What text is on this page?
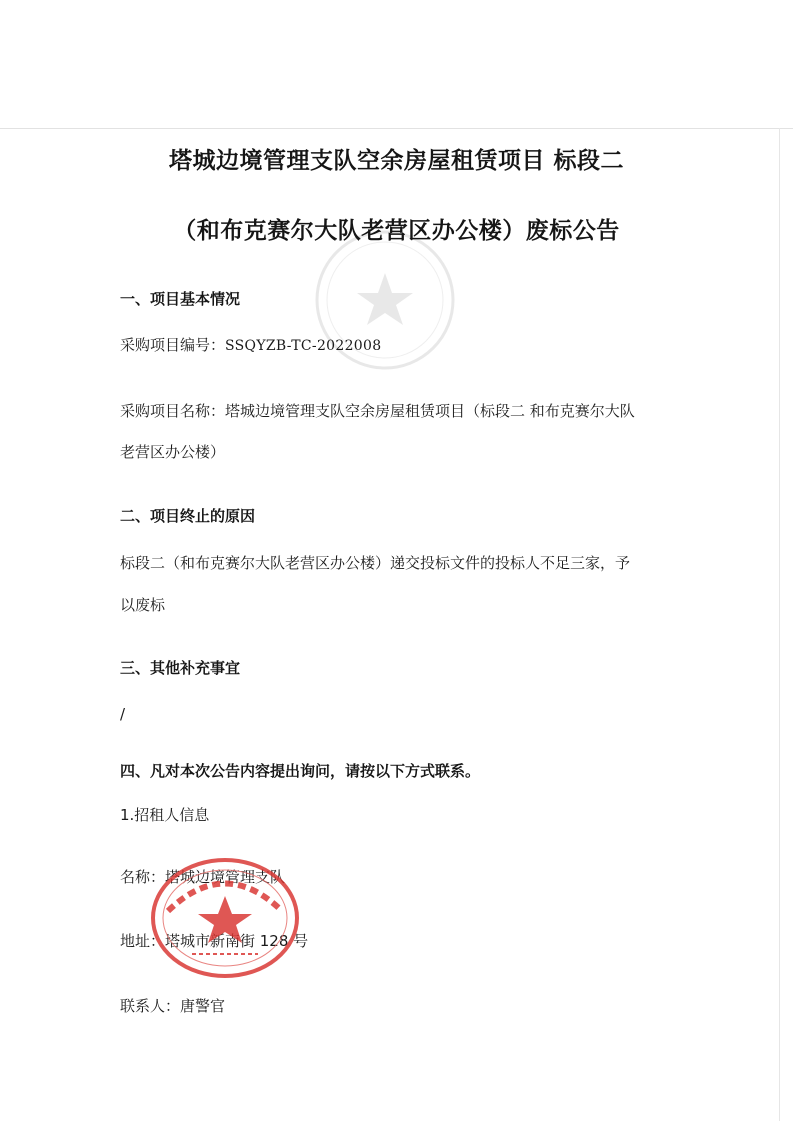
塔城边境管理支队空余房屋租赁项目 标段二
（和布克赛尔大队老营区办公楼）废标公告
一、项目基本情况
采购项目编号：SSQYZB-TC-2022008
采购项目名称：塔城边境管理支队空余房屋租赁项目（标段二 和布克赛尔大队
老营区办公楼）
二、项目终止的原因
标段二（和布克赛尔大队老营区办公楼）递交投标文件的投标人不足三家，予
以废标
三、其他补充事宜
/
四、凡对本次公告内容提出询问，请按以下方式联系。
1.招租人信息
名称：塔城边境管理支队
地址：塔城市新南街 128 号
联系人：唐警官
